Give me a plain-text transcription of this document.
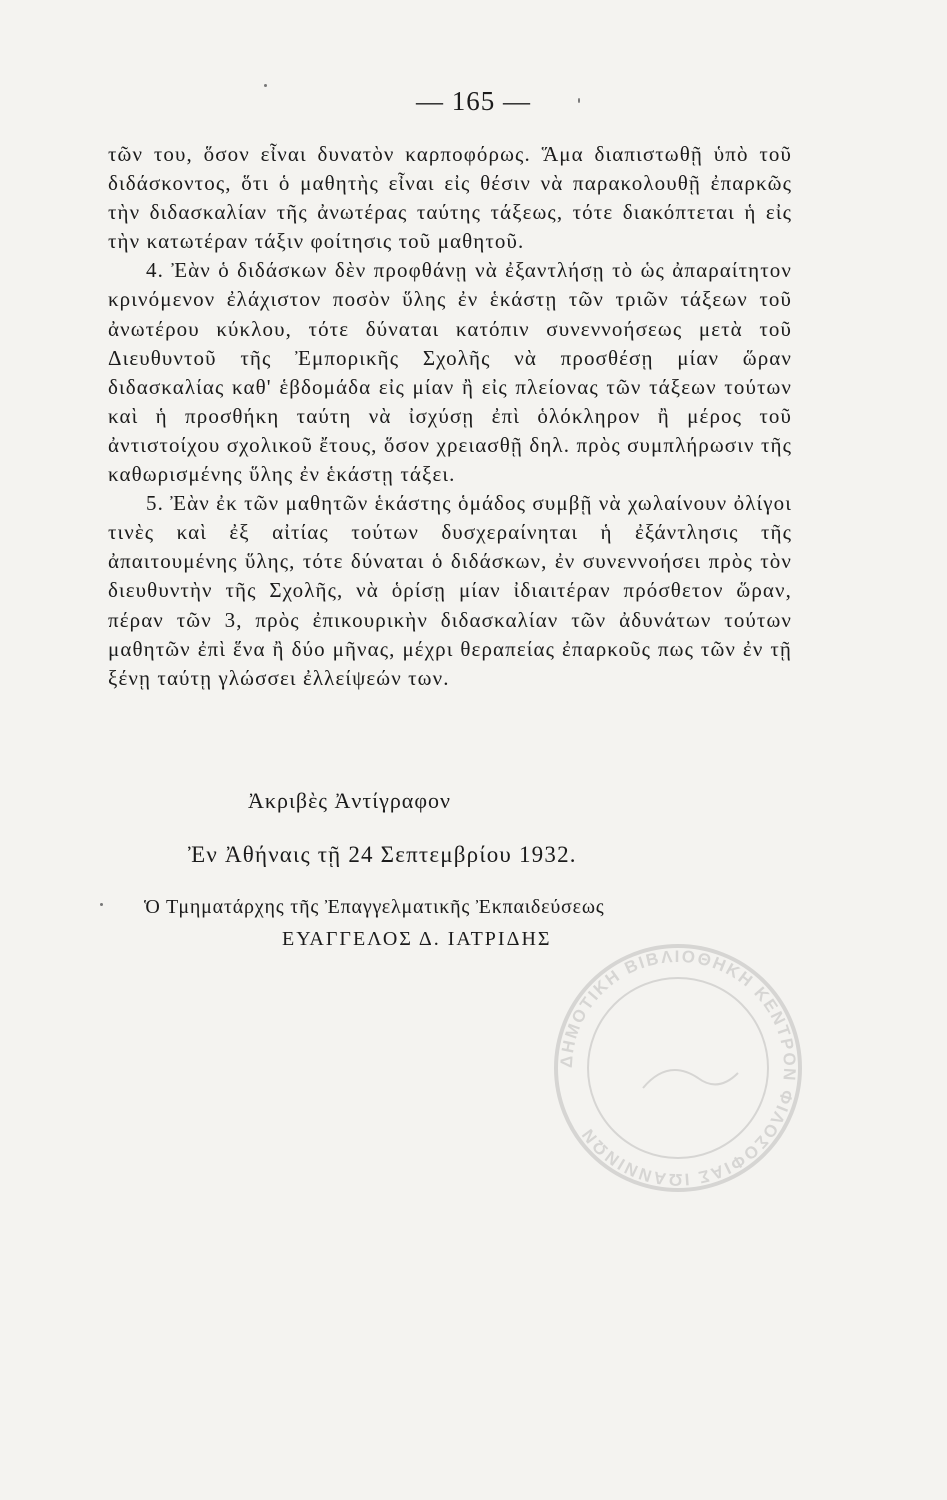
— 165 —

τῶν του, ὅσον εἶναι δυνατὸν καρποφόρως. Ἅμα διαπιστωθῇ ὑπὸ τοῦ διδάσκοντος, ὅτι ὁ μαθητὴς εἶναι εἰς θέσιν νὰ παρακολουθῇ ἐπαρκῶς τὴν διδασκαλίαν τῆς ἀνωτέρας ταύτης τάξεως, τότε διακόπτεται ἡ εἰς τὴν κατωτέραν τάξιν φοίτησις τοῦ μαθητοῦ.

4. Ἐὰν ὁ διδάσκων δὲν προφθάνῃ νὰ ἐξαντλήσῃ τὸ ὡς ἀπαραίτητον κρινόμενον ἐλάχιστον ποσὸν ὕλης ἐν ἑκάστῃ τῶν τριῶν τάξεων τοῦ ἀνωτέρου κύκλου, τότε δύναται κατόπιν συνεννοήσεως μετὰ τοῦ Διευθυντοῦ τῆς Ἐμπορικῆς Σχολῆς νὰ προσθέσῃ μίαν ὥραν διδασκαλίας καθ' ἑβδομάδα εἰς μίαν ἢ εἰς πλείονας τῶν τάξεων τούτων καὶ ἡ προσθήκη ταύτη νὰ ἰσχύσῃ ἐπὶ ὁλόκληρον ἢ μέρος τοῦ ἀντιστοίχου σχολικοῦ ἔτους, ὅσον χρειασθῇ δηλ. πρὸς συμπλήρωσιν τῆς καθωρισμένης ὕλης ἐν ἑκάστῃ τάξει.

5. Ἐὰν ἐκ τῶν μαθητῶν ἑκάστης ὁμάδος συμβῇ νὰ χωλαίνουν ὀλίγοι τινὲς καὶ ἐξ αἰτίας τούτων δυσχεραίνηται ἡ ἐξάντλησις τῆς ἀπαιτουμένης ὕλης, τότε δύναται ὁ διδάσκων, ἐν συνεννοήσει πρὸς τὸν διευθυντὴν τῆς Σχολῆς, νὰ ὁρίσῃ μίαν ἰδιαιτέραν πρόσθετον ὥραν, πέραν τῶν 3, πρὸς ἐπικουρικὴν διδασκαλίαν τῶν ἀδυνάτων τούτων μαθητῶν ἐπὶ ἕνα ἢ δύο μῆνας, μέχρι θεραπείας ἐπαρκοῦς πως τῶν ἐν τῇ ξένῃ ταύτῃ γλώσσει ἐλλείψεών των.

Ἀκριβὲς Ἀντίγραφον
Ἐν Ἀθήναις τῇ 24 Σεπτεμβρίου 1932.
Ὁ Τμηματάρχης τῆς Ἐπαγγελματικῆς Ἐκπαιδεύσεως
ΕΥΑΓΓΕΛΟΣ Δ. ΙΑΤΡΙΔΗΣ
ΔΗΜΟΤΙΚΗ ΒΙΒΛΙΟΘΗΚΗ ΚΕΝΤΡΟΝ ΦΙΛΟΣΟΦΙΑΣ ΙΩΑΝΝΙΝΩΝ
